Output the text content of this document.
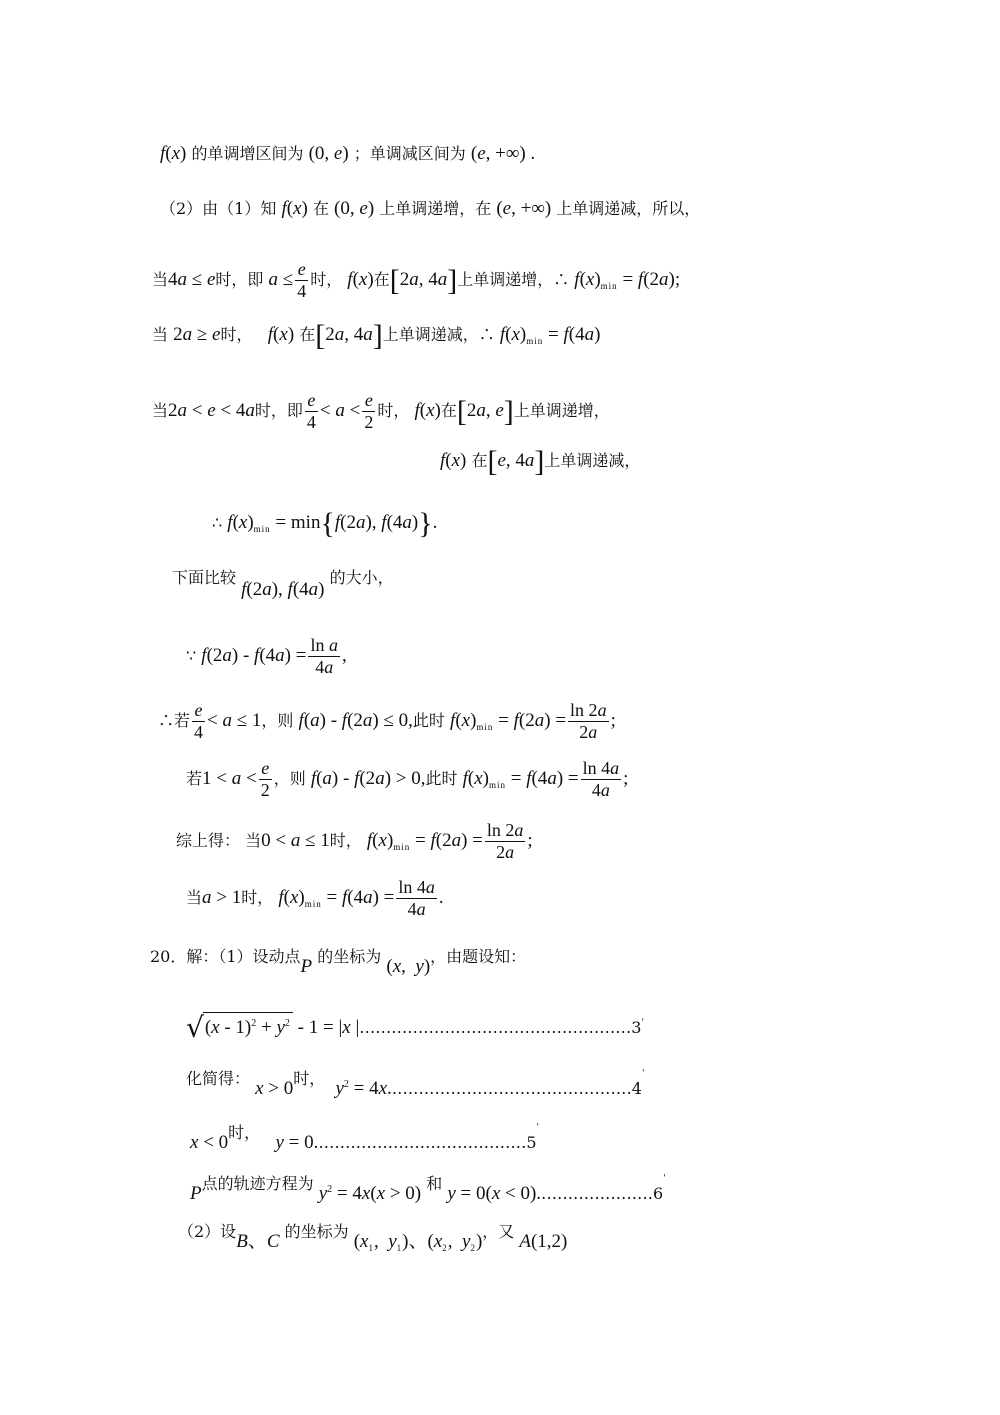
f(x) 的单调增区间为 (0, e) ；单调减区间为 (e, +∞) .
（2）由（1）知 f(x) 在 (0, e) 上单调递增，在 (e, +∞) 上单调递减，所以，
当4a ≤ e时，即 $a \le \frac{e}{4}$ 时， f(x)在[2a, 4a]上单调递增，∴ $f(x)_{min} = f(2a)$;
当 2a ≥ e时， f(x) 在[2a, 4a]上单调递减，∴ $f(x)_{min} = f(4a)$
当2a < e < 4a时，即 $\frac{e}{4} < a < \frac{e}{2}$ 时， f(x)在[2a, e]上单调递增，
f(x) 在[e, 4a]上单调递减，
∴ $f(x)_{min} = \min\{f(2a)$, f(4a)}.
下面比较 f(2a), f(4a) 的大小，
∵ $f(2a) - f(4a) = \frac{\text{ln a}}{4a}$ ,
∴若 $\frac{e}{4} < a \le 1$，则 f(a) - f(2a) ≤ 0,此时 $f(x)_{min} = f(2a) = \frac{\ln 2a}{2a}$ ;
若$1 < a < \frac{e}{2}$ ，则 f(a) - f(2a) > 0,此时 $f(x)_{min} = f(4a) = \frac{\ln 4a}{4a}$ ;
综上得： 当0 < a ≤ 1时， $f(x)_{min} = f(2a) = \frac{\ln 2a}{2a}$ ;
当a > 1时， $f(x)_{min} = f(4a) = \frac{\ln 4a}{4a}$ .
20．解：（1）设动点P 的坐标为 (x,  y)，由题设知：
$√(x - 1)^2 + y^2 - 1 = |x$ |……………………………………………3'
化简得： x > 0时， $y^2$ = 4x.………………………………………4'
x < 0时， y = 0.…………………………………5'
P点的轨迹方程为 $y^2 = 4x(x > 0)$ 和 y = 0(x < 0).…………………6'
（2）设B、C 的坐标为 ($x_1$,  $y_1$)、($x_2$,  $y_2$)，又 A(1,2)
